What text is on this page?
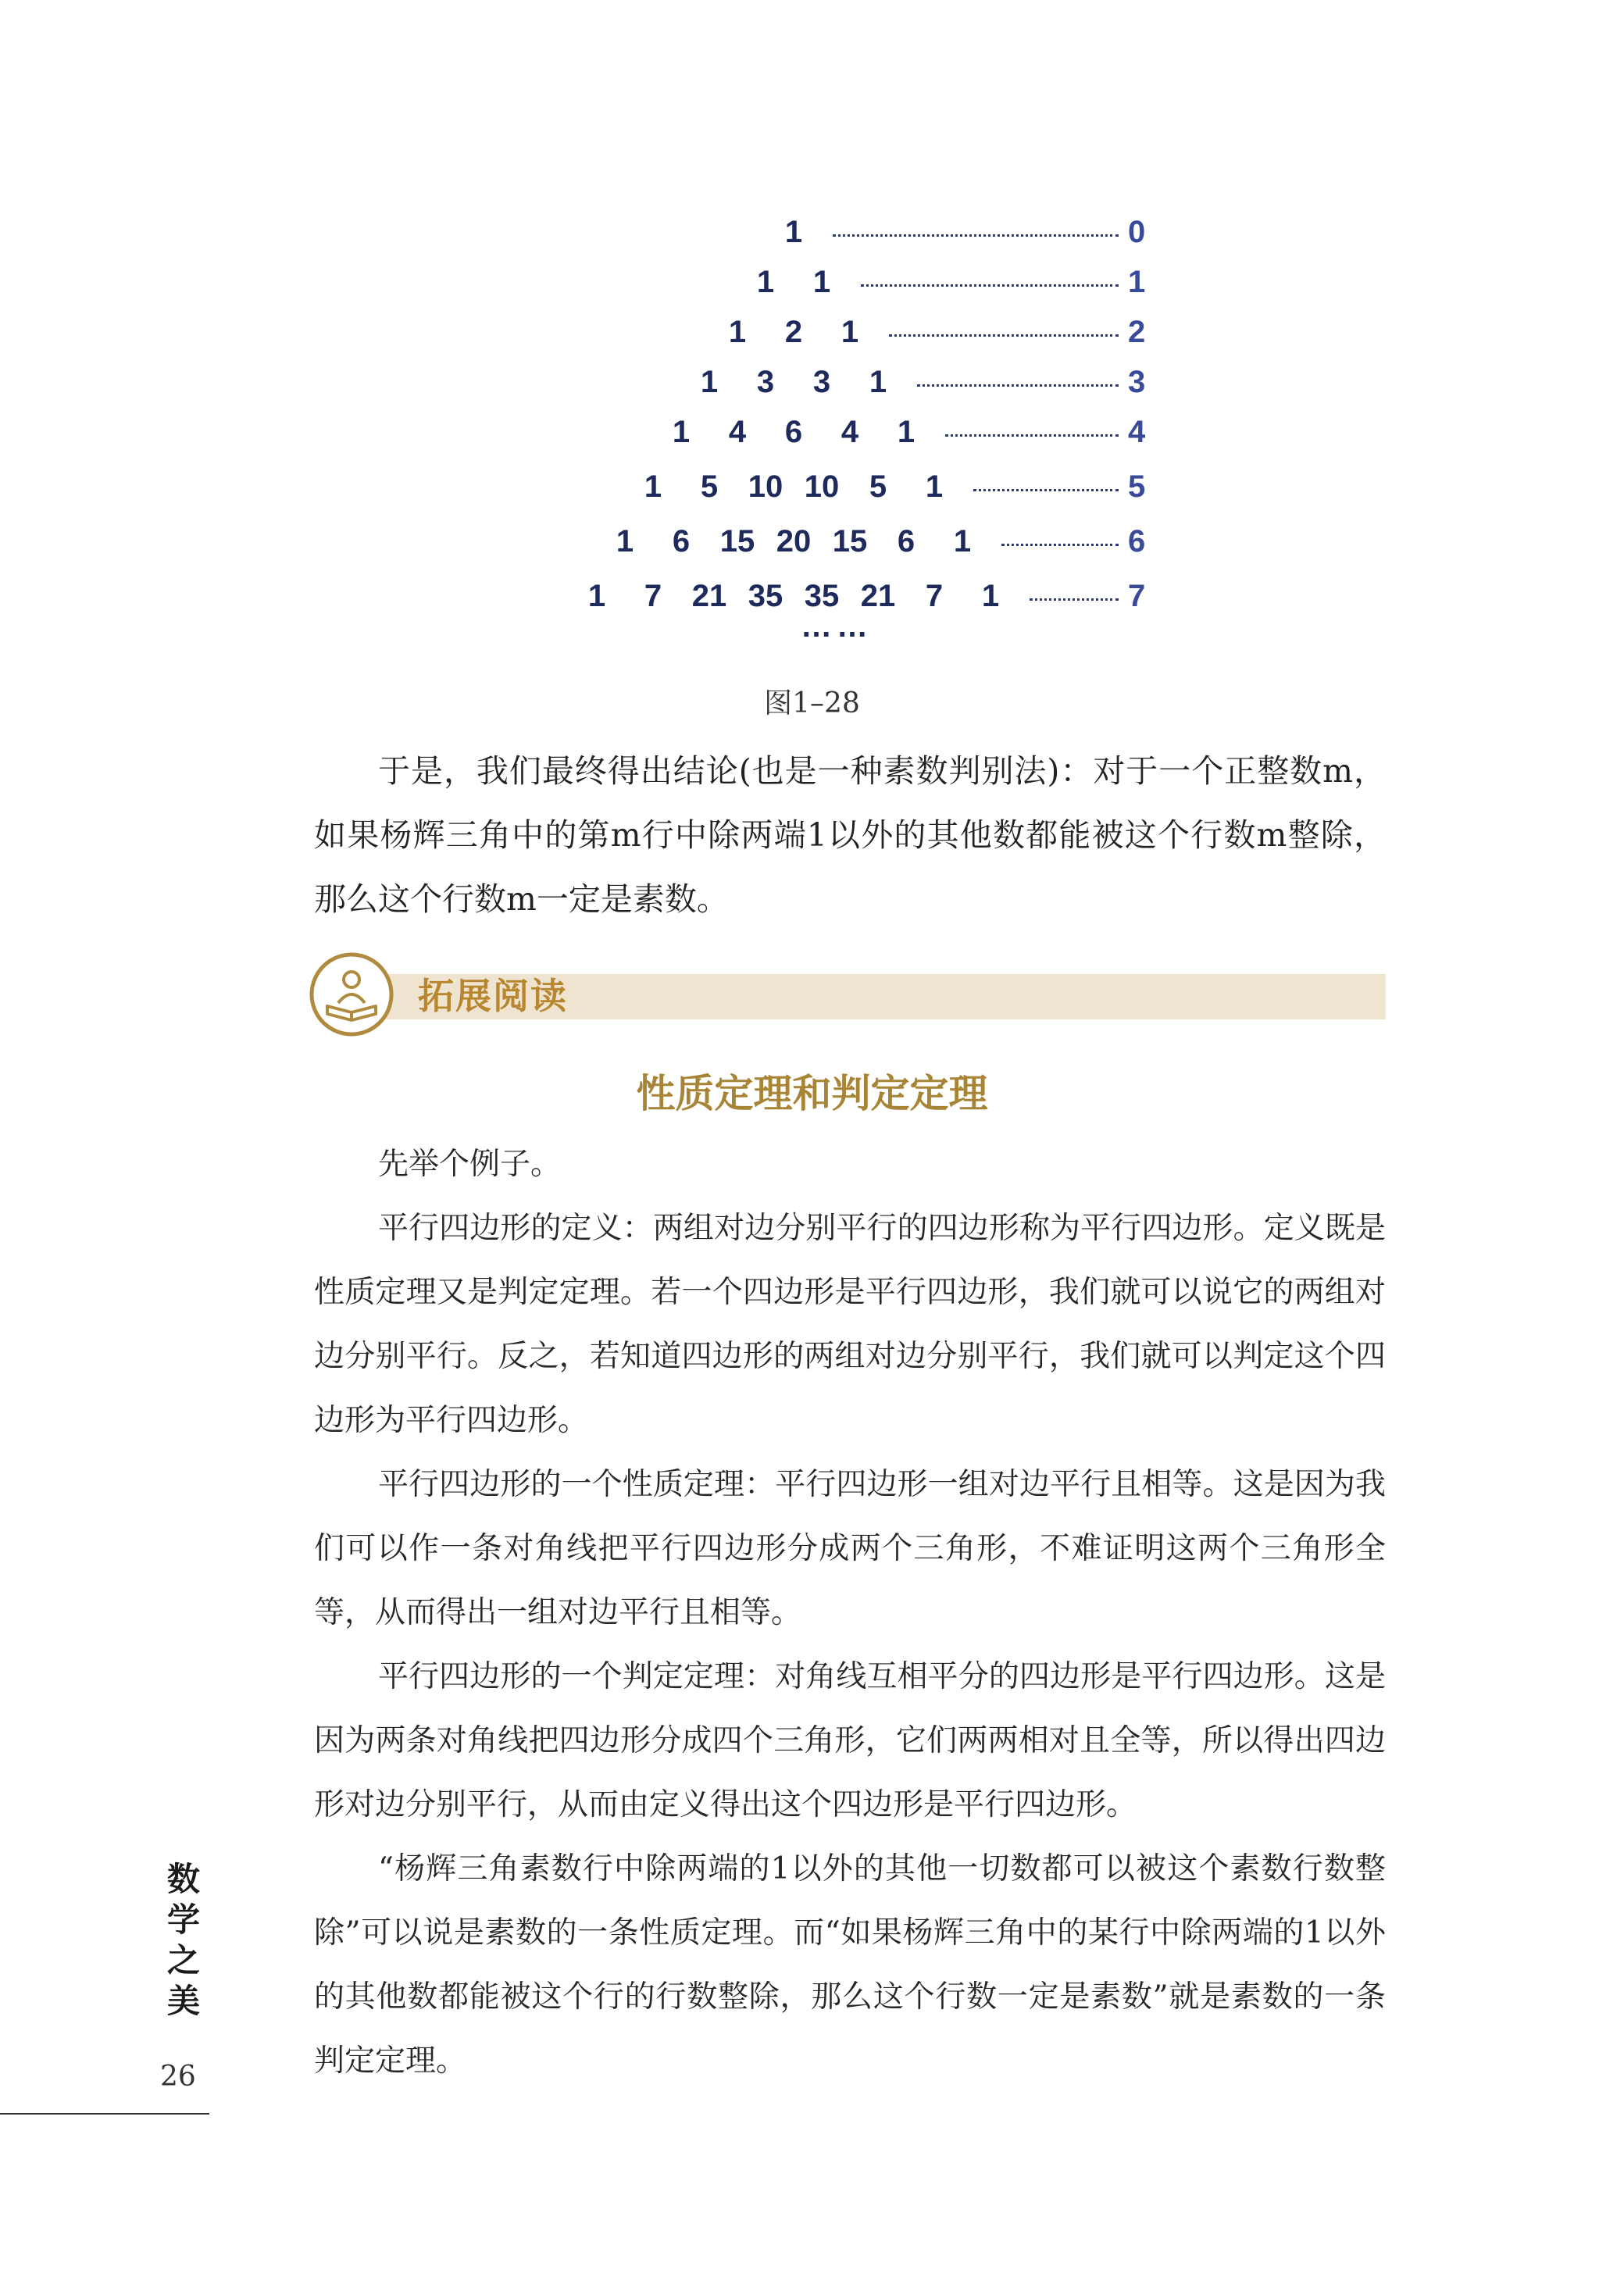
1	0
1	1	1
1	2	1	2
1	3	3	1	3
1	4	6	4	1	4
1	5 10 10 5	1	5
1	6 15 20 15 6	1	6
1	7 21 35 35 21 7	1	7
……
图1–28

于是，我们最终得出结论(也是一种素数判别法)：对于一个正整数m，如果杨辉三角中的第m行中除两端1以外的其他数都能被这个行数m整除，那么这个行数m一定是素数。

拓展阅读
性质定理和判定定理

先举个例子。

平行四边形的定义：两组对边分别平行的四边形称为平行四边形。定义既是性质定理又是判定定理。若一个四边形是平行四边形，我们就可以说它的两组对边分别平行。反之，若知道四边形的两组对边分别平行，我们就可以判定这个四边形为平行四边形。

平行四边形的一个性质定理：平行四边形一组对边平行且相等。这是因为我们可以作一条对角线把平行四边形分成两个三角形，不难证明这两个三角形全等，从而得出一组对边平行且相等。

平行四边形的一个判定定理：对角线互相平分的四边形是平行四边形。这是因为两条对角线把四边形分成四个三角形，它们两两相对且全等，所以得出四边形对边分别平行，从而由定义得出这个四边形是平行四边形。

“杨辉三角素数行中除两端的1以外的其他一切数都可以被这个素数行数整除”可以说是素数的一条性质定理。而“如果杨辉三角中的某行中除两端的1以外的其他数都能被这个行的行数整除，那么这个行数一定是素数”就是素数的一条判定定理。

数
学
之
美
26
